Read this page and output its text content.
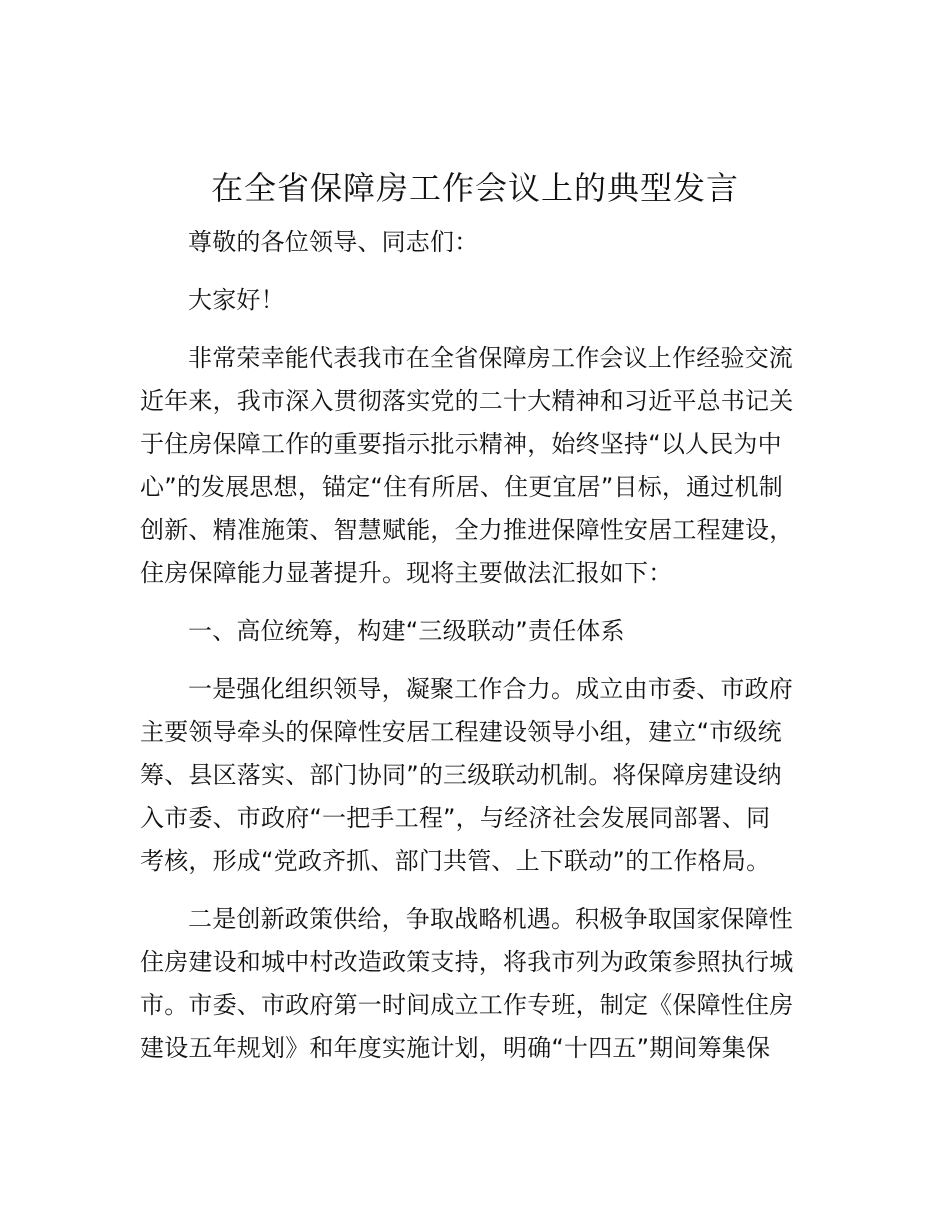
在全省保障房工作会议上的典型发言

尊敬的各位领导、同志们：

大家好！

非常荣幸能代表我市在全省保障房工作会议上作经验交流
近年来，我市深入贯彻落实党的二十大精神和习近平总书记关
于住房保障工作的重要指示批示精神，始终坚持“以人民为中
心”的发展思想，锚定“住有所居、住更宜居”目标，通过机制
创新、精准施策、智慧赋能，全力推进保障性安居工程建设，
住房保障能力显著提升。现将主要做法汇报如下：

一、高位统筹，构建“三级联动”责任体系

一是强化组织领导，凝聚工作合力。成立由市委、市政府
主要领导牵头的保障性安居工程建设领导小组，建立“市级统
筹、县区落实、部门协同”的三级联动机制。将保障房建设纳
入市委、市政府“一把手工程”，与经济社会发展同部署、同
考核，形成“党政齐抓、部门共管、上下联动”的工作格局。

二是创新政策供给，争取战略机遇。积极争取国家保障性
住房建设和城中村改造政策支持，将我市列为政策参照执行城
市。市委、市政府第一时间成立工作专班，制定《保障性住房
建设五年规划》和年度实施计划，明确“十四五”期间筹集保
